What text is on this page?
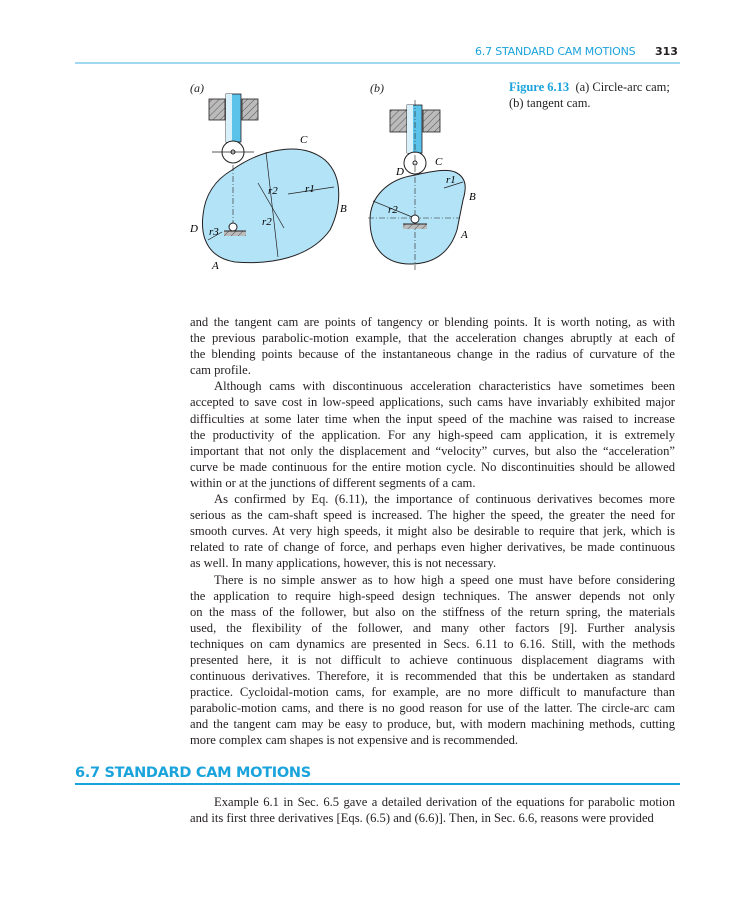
6.7 STANDARD CAM MOTIONS 313
C
B
D
A
r2
r2
r1
r3
C
B
D
A
r1
r2
(a)	(b)	Figure 6.13 (a) Circle-arc cam; (b) tangent cam.
and the tangent cam are points of tangency or blending points. It is worth noting, as with
the previous parabolic-motion example, that the acceleration changes abruptly at each of
the blending points because of the instantaneous change in the radius of curvature of the
cam profile.
Although cams with discontinuous acceleration characteristics have sometimes been
accepted to save cost in low-speed applications, such cams have invariably exhibited major
difficulties at some later time when the input speed of the machine was raised to increase
the productivity of the application. For any high-speed cam application, it is extremely
important that not only the displacement and “velocity” curves, but also the “acceleration”
curve be made continuous for the entire motion cycle. No discontinuities should be allowed
within or at the junctions of different segments of a cam.
As confirmed by Eq. (6.11), the importance of continuous derivatives becomes more
serious as the cam-shaft speed is increased. The higher the speed, the greater the need for
smooth curves. At very high speeds, it might also be desirable to require that jerk, which is
related to rate of change of force, and perhaps even higher derivatives, be made continuous
as well. In many applications, however, this is not necessary.
There is no simple answer as to how high a speed one must have before considering
the application to require high-speed design techniques. The answer depends not only
on the mass of the follower, but also on the stiffness of the return spring, the materials
used, the flexibility of the follower, and many other factors [9]. Further analysis
techniques on cam dynamics are presented in Secs. 6.11 to 6.16. Still, with the methods
presented here, it is not difficult to achieve continuous displacement diagrams with
continuous derivatives. Therefore, it is recommended that this be undertaken as standard
practice. Cycloidal-motion cams, for example, are no more difficult to manufacture than
parabolic-motion cams, and there is no good reason for use of the latter. The circle-arc cam
and the tangent cam may be easy to produce, but, with modern machining methods, cutting
more complex cam shapes is not expensive and is recommended.
6.7 STANDARD CAM MOTIONS
Example 6.1 in Sec. 6.5 gave a detailed derivation of the equations for parabolic motion
and its first three derivatives [Eqs. (6.5) and (6.6)]. Then, in Sec. 6.6, reasons were provided
